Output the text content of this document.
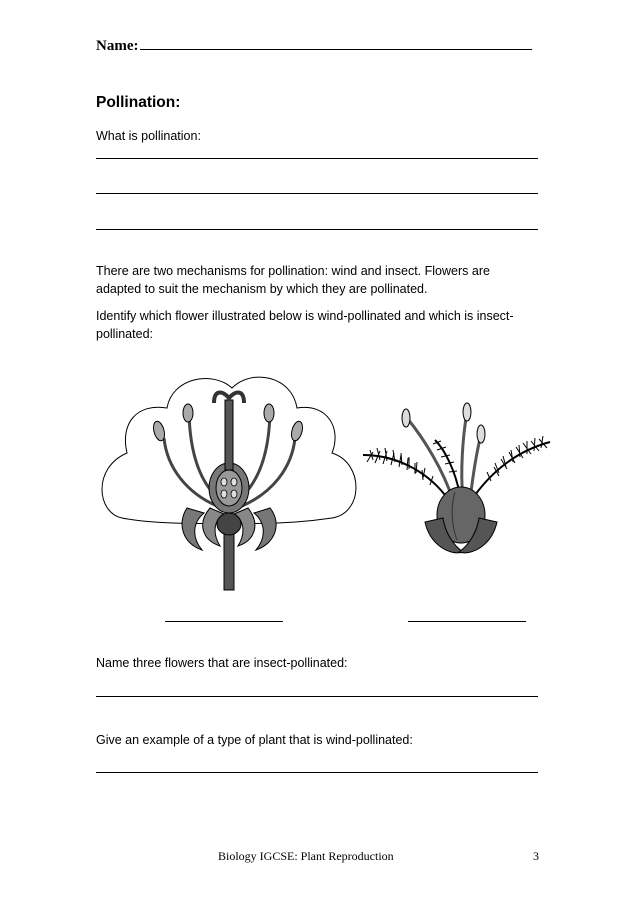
Name:
Pollination:
What is pollination:
There are two mechanisms for pollination: wind and insect. Flowers are adapted to suit the mechanism by which they are pollinated.
Identify which flower illustrated below is wind-pollinated and which is insect-pollinated:
Name three flowers that are insect-pollinated:
Give an example of a type of plant that is wind-pollinated:
Biology IGCSE: Plant Reproduction	3
